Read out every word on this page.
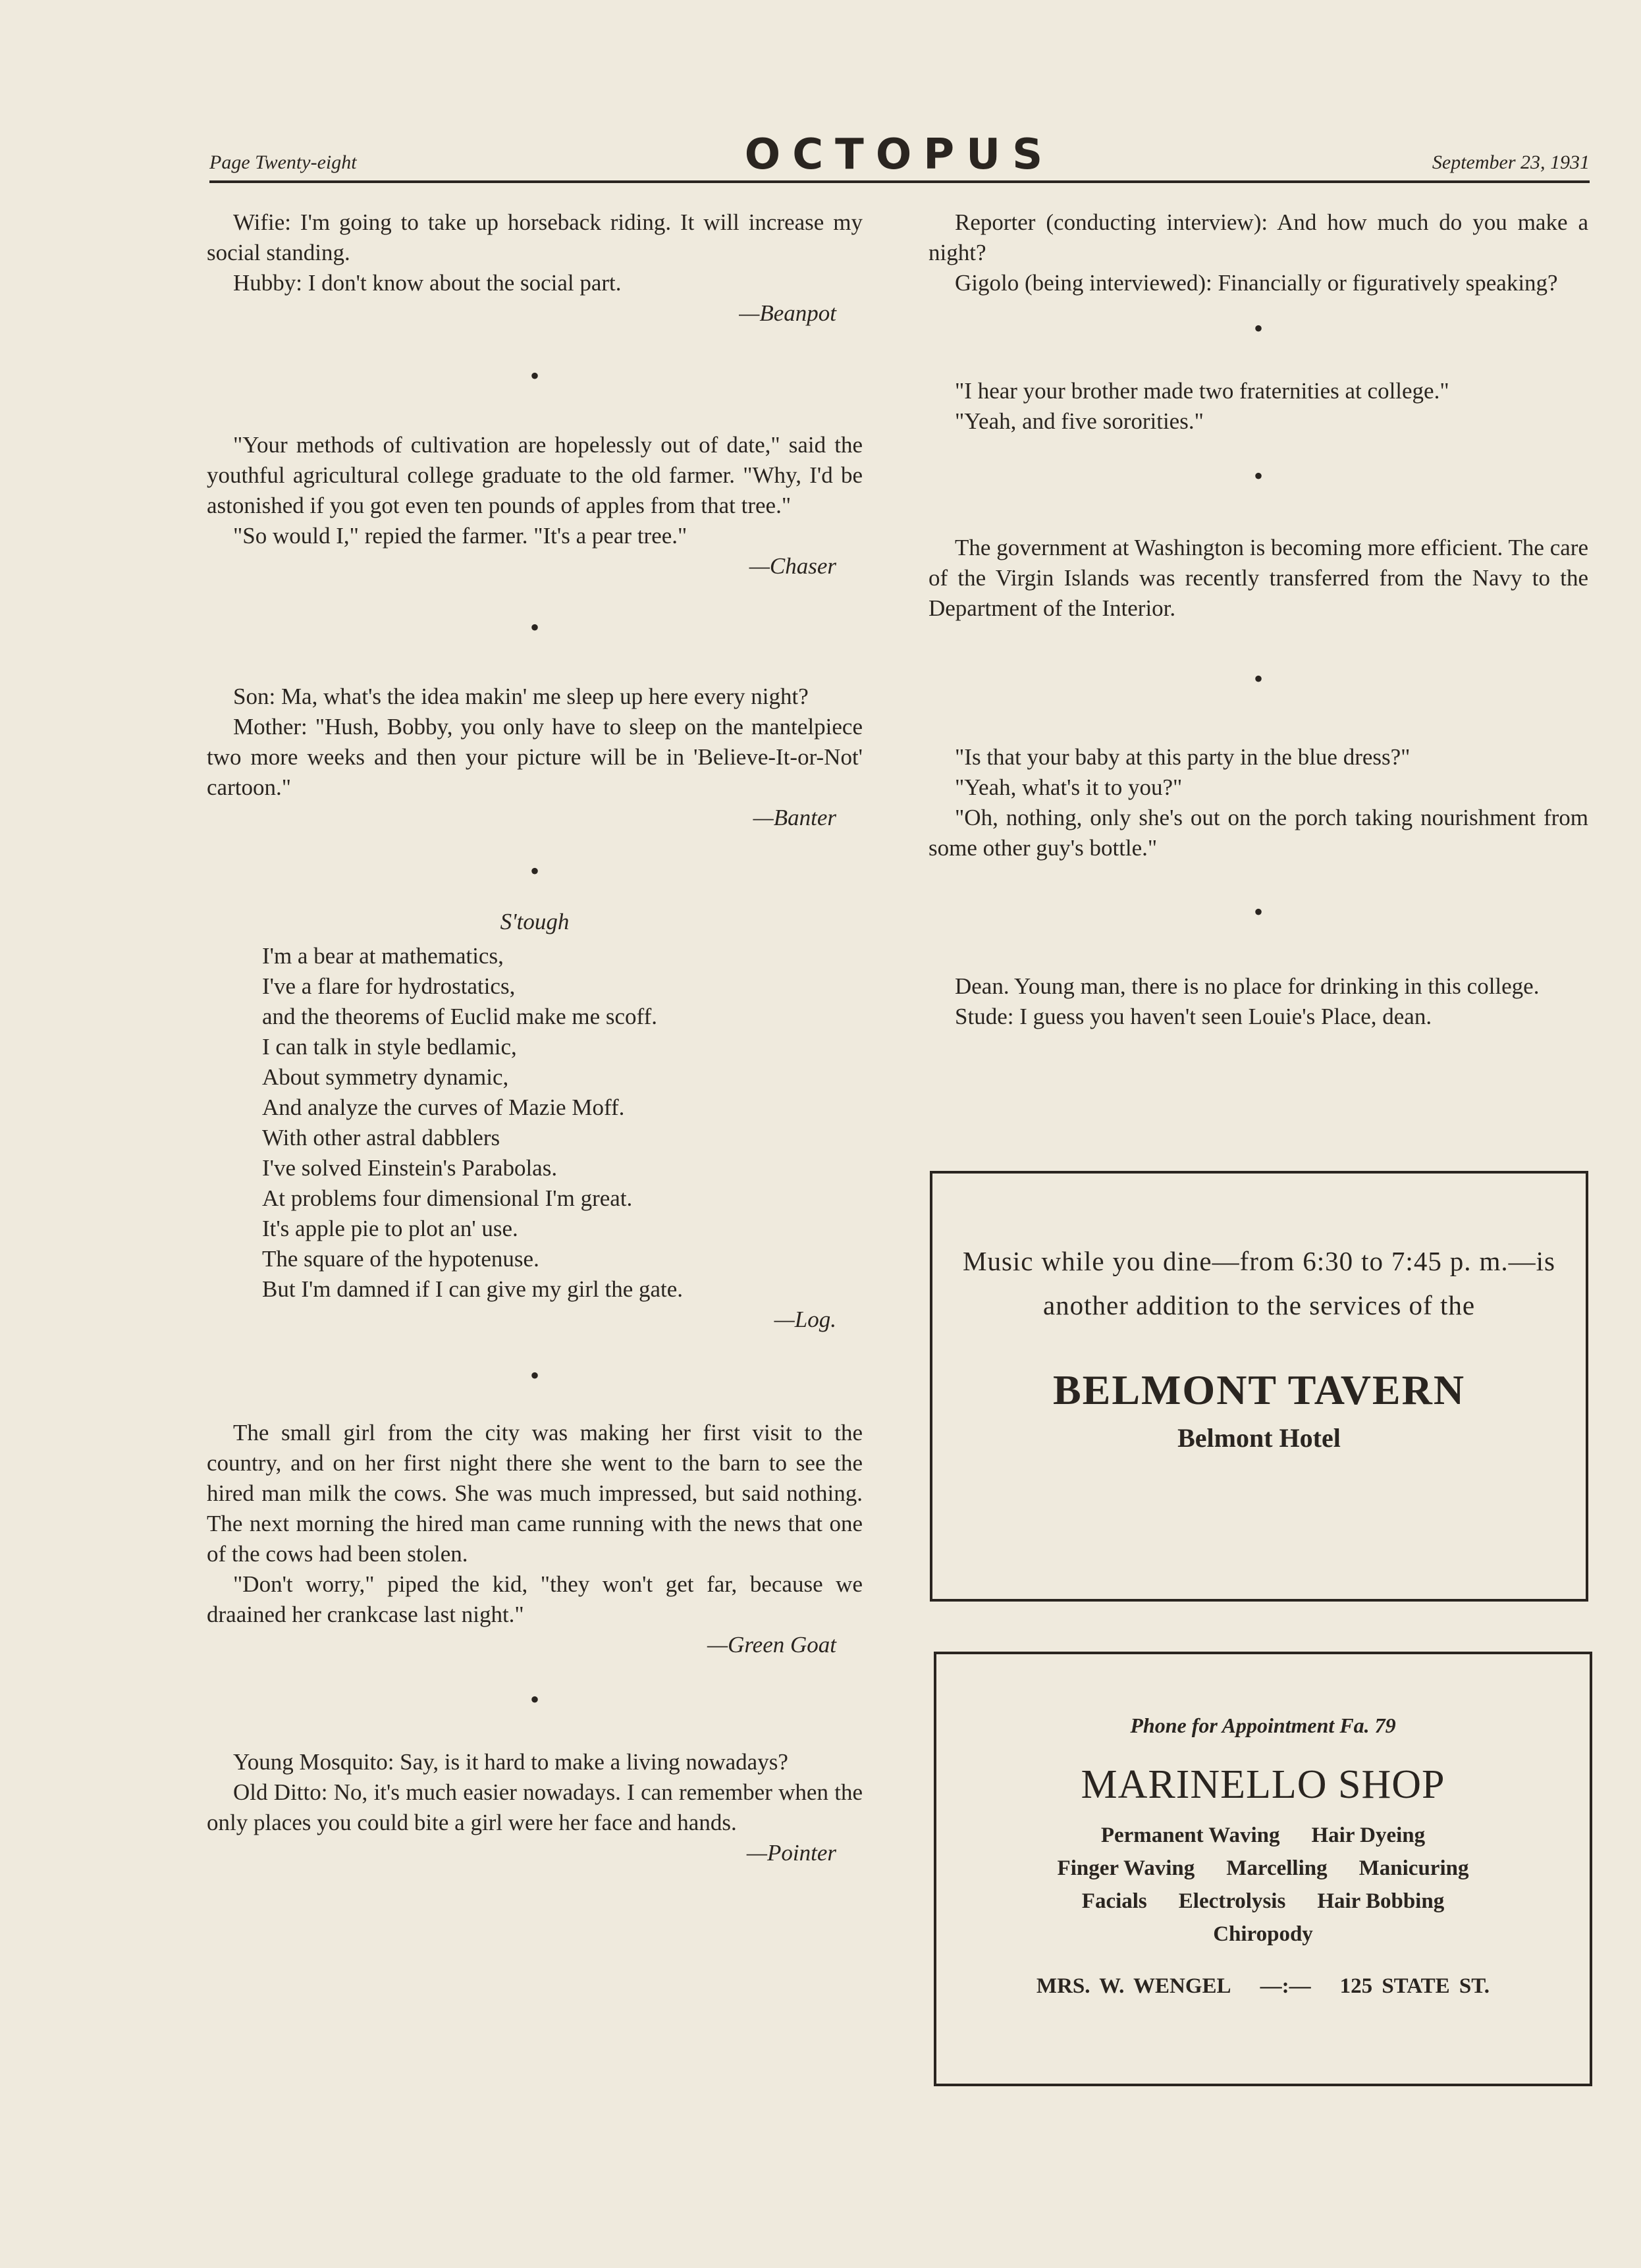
Page Twenty-eight	OCTOPUS	September 23, 1931

Wifie: I'm going to take up horseback riding. It will increase my social standing.

Hubby: I don't know about the social part.

—Beanpot

•

"Your methods of cultivation are hopelessly out of date," said the youthful agricultural college graduate to the old farmer. "Why, I'd be astonished if you got even ten pounds of apples from that tree."

"So would I," repied the farmer. "It's a pear tree."

—Chaser

•

Son: Ma, what's the idea makin' me sleep up here every night?

Mother: "Hush, Bobby, you only have to sleep on the mantelpiece two more weeks and then your picture will be in 'Believe-It-or-Not' cartoon."

—Banter

•

S'tough

I'm a bear at mathematics,
I've a flare for hydrostatics,
and the theorems of Euclid make me scoff.
I can talk in style bedlamic,
About symmetry dynamic,
And analyze the curves of Mazie Moff.
With other astral dabblers
I've solved Einstein's Parabolas.
At problems four dimensional I'm great.
It's apple pie to plot an' use.
The square of the hypotenuse.
But I'm damned if I can give my girl the gate.

—Log.

•

The small girl from the city was making her first visit to the country, and on her first night there she went to the barn to see the hired man milk the cows. She was much impressed, but said nothing. The next morning the hired man came running with the news that one of the cows had been stolen.

"Don't worry," piped the kid, "they won't get far, because we draained her crankcase last night."

—Green Goat

•

Young Mosquito: Say, is it hard to make a living nowadays?

Old Ditto: No, it's much easier nowadays. I can remember when the only places you could bite a girl were her face and hands.

—Pointer

Reporter (conducting interview): And how much do you make a night?

Gigolo (being interviewed): Financially or figuratively speaking?

•

"I hear your brother made two fraternities at college."

"Yeah, and five sororities."

•

The government at Washington is becoming more efficient. The care of the Virgin Islands was recently transferred from the Navy to the Department of the Interior.

•

"Is that your baby at this party in the blue dress?"

"Yeah, what's it to you?"

"Oh, nothing, only she's out on the porch taking nourishment from some other guy's bottle."

•

Dean. Young man, there is no place for drinking in this college.

Stude: I guess you haven't seen Louie's Place, dean.

Music while you dine—from 6:30 to 7:45 p. m.—is another addition to the services of the
BELMONT TAVERN
Belmont Hotel
Phone for Appointment Fa. 79
MARINELLO SHOP
Permanent Waving Hair Dyeing
Finger Waving Marcelling Manicuring
Facials Electrolysis Hair Bobbing
Chiropody
MRS. W. WENGEL —:— 125 STATE ST.
